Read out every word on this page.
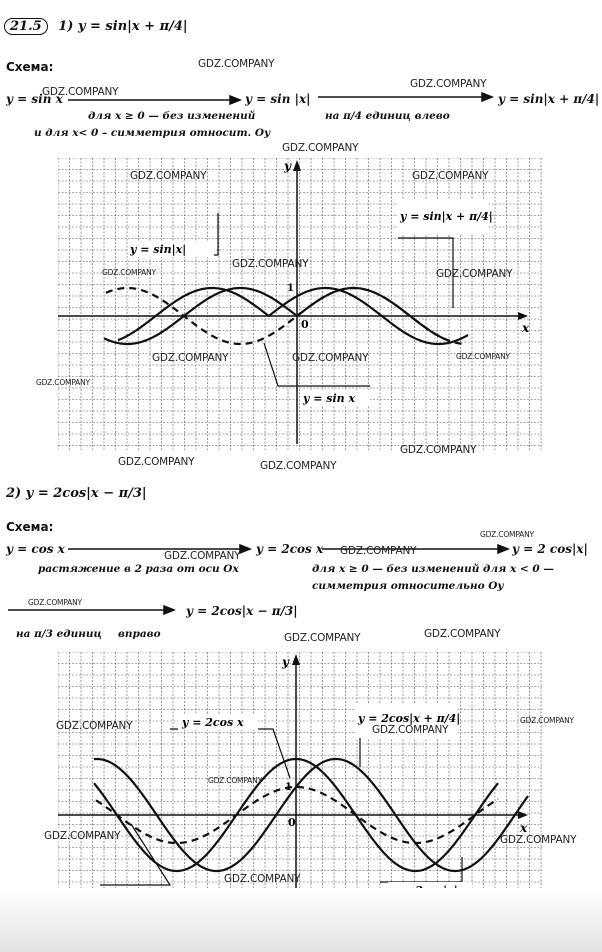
21.5 1) y = sin|x + π/4|
Схема:
y = sin x	y = sin |x|	y = sin|x + π/4|
для x ≥ 0 — без изменений
и для x< 0 – симметрия относит. Oy
на π/4 единиц влево
y
x
0
1
y = sin|x + π/4|
y = sin|x|
y = sin x
2) y = 2cos|x − π/3|
Схема:
y = cos x	y = 2cos x	y = 2 cos|x|
растяжение в 2 раза от оси Ox	для x ≥ 0 — без изменений для x < 0 —
симметрия относительно Oy
y = 2cos|x − π/3|
на π/3 единиц вправо
y
x
0
1
y = 2cos x	y = 2cos|x + π/4|
GDZ.COMPANY
GDZ.COMPANY
GDZ.COMPANY
GDZ.COMPANY
GDZ.COMPANY	GDZ.COMPANY
GDZ.COMPANY
GDZ.COMPANY	GDZ.COMPANY
GDZ.COMPANY	GDZ.COMPANY	GDZ.COMPANY
GDZ.COMPANY
GDZ.COMPANY
GDZ.COMPANY	GDZ.COMPANY
GDZ.COMPANY
GDZ.COMPANY	GDZ.COMPANY
GDZ.COMPANY
GDZ.COMPANY	GDZ.COMPANY
GDZ.COMPANY	GDZ.COMPANY
GDZ.COMPANY
GDZ.COMPANY
GDZ.COMPANY	GDZ.COMPANY
GDZ.COMPANY
